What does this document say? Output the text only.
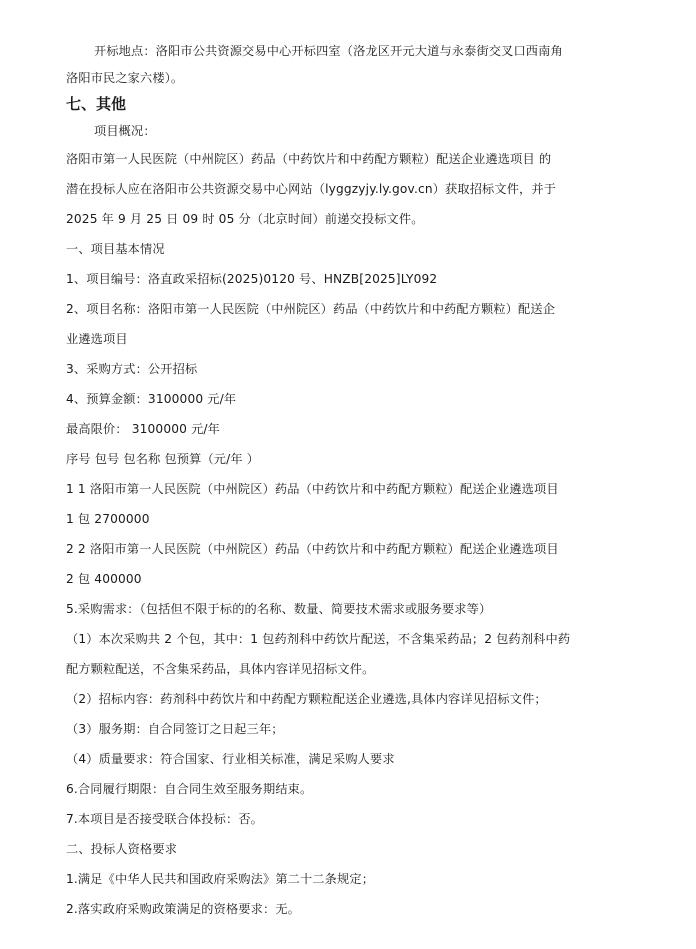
开标地点：洛阳市公共资源交易中心开标四室（洛龙区开元大道与永泰街交叉口西南角
洛阳市民之家六楼）。
七、其他
项目概况：
洛阳市第一人民医院（中州院区）药品（中药饮片和中药配方颗粒）配送企业遴选项目 的
潜在投标人应在洛阳市公共资源交易中心网站（lyggzyjy.ly.gov.cn）获取招标文件，并于
2025 年 9 月 25 日 09 时 05 分（北京时间）前递交投标文件。
一、项目基本情况
1、项目编号：洛直政采招标(2025)0120 号、HNZB[2025]LY092
2、项目名称：洛阳市第一人民医院（中州院区）药品（中药饮片和中药配方颗粒）配送企
业遴选项目
3、采购方式：公开招标
4、预算金额：3100000 元/年
最高限价： 3100000 元/年
序号 包号 包名称 包预算（元/年 ）
1 1 洛阳市第一人民医院（中州院区）药品（中药饮片和中药配方颗粒）配送企业遴选项目
1 包 2700000
2 2 洛阳市第一人民医院（中州院区）药品（中药饮片和中药配方颗粒）配送企业遴选项目
2 包 400000
5.采购需求：（包括但不限于标的的名称、数量、简要技术需求或服务要求等）
（1）本次采购共 2 个包，其中：1 包药剂科中药饮片配送，不含集采药品；2 包药剂科中药
配方颗粒配送，不含集采药品，具体内容详见招标文件。
（2）招标内容：药剂科中药饮片和中药配方颗粒配送企业遴选,具体内容详见招标文件；
（3）服务期：自合同签订之日起三年；
（4）质量要求：符合国家、行业相关标准，满足采购人要求
6.合同履行期限：自合同生效至服务期结束。
7.本项目是否接受联合体投标：否。
二、投标人资格要求
1.满足《中华人民共和国政府采购法》第二十二条规定；
2.落实政府采购政策满足的资格要求：无。
